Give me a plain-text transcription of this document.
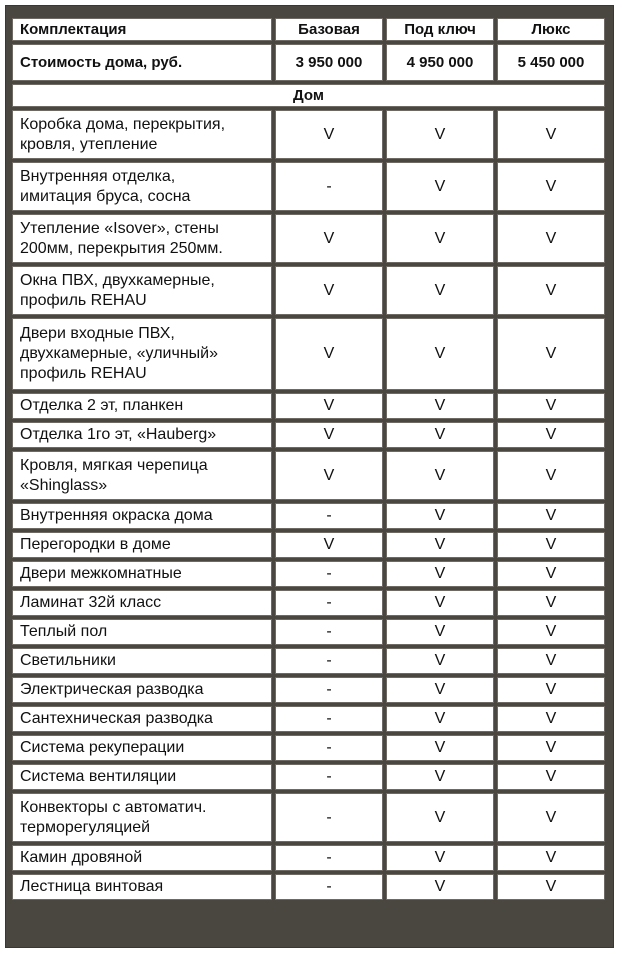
Комплектация	Базовая	Под ключ	Люкс
Стоимость дома, руб.	3 950 000	4 950 000	5 450 000
Дом			

Коробка дома, перекрытия,
кровля, утепление	V	V	V

Внутренняя отделка,
имитация бруса, сосна	-	V	V

Утепление «Isover», стены
200мм, перекрытия 250мм.	V	V	V

Окна ПВХ, двухкамерные,
профиль REHAU	V	V	V

Двери входные ПВХ,
двухкамерные, «уличный»
профиль REHAU	V	V	V

Отделка 2 эт, планкен	V	V	V

Отделка 1го эт, «Hauberg»	V	V	V

Кровля, мягкая черепица
«Shinglass»	V	V	V

Внутренняя окраска дома	-	V	V

Перегородки в доме	V	V	V

Двери межкомнатные	-	V	V

Ламинат 32й класс	-	V	V

Теплый пол	-	V	V

Светильники	-	V	V

Электрическая разводка	-	V	V

Сантехническая разводка	-	V	V

Система рекуперации	-	V	V

Система вентиляции	-	V	V

Конвекторы с автоматич.
терморегуляцией	-	V	V

Камин дровяной	-	V	V

Лестница винтовая	-	V	V
